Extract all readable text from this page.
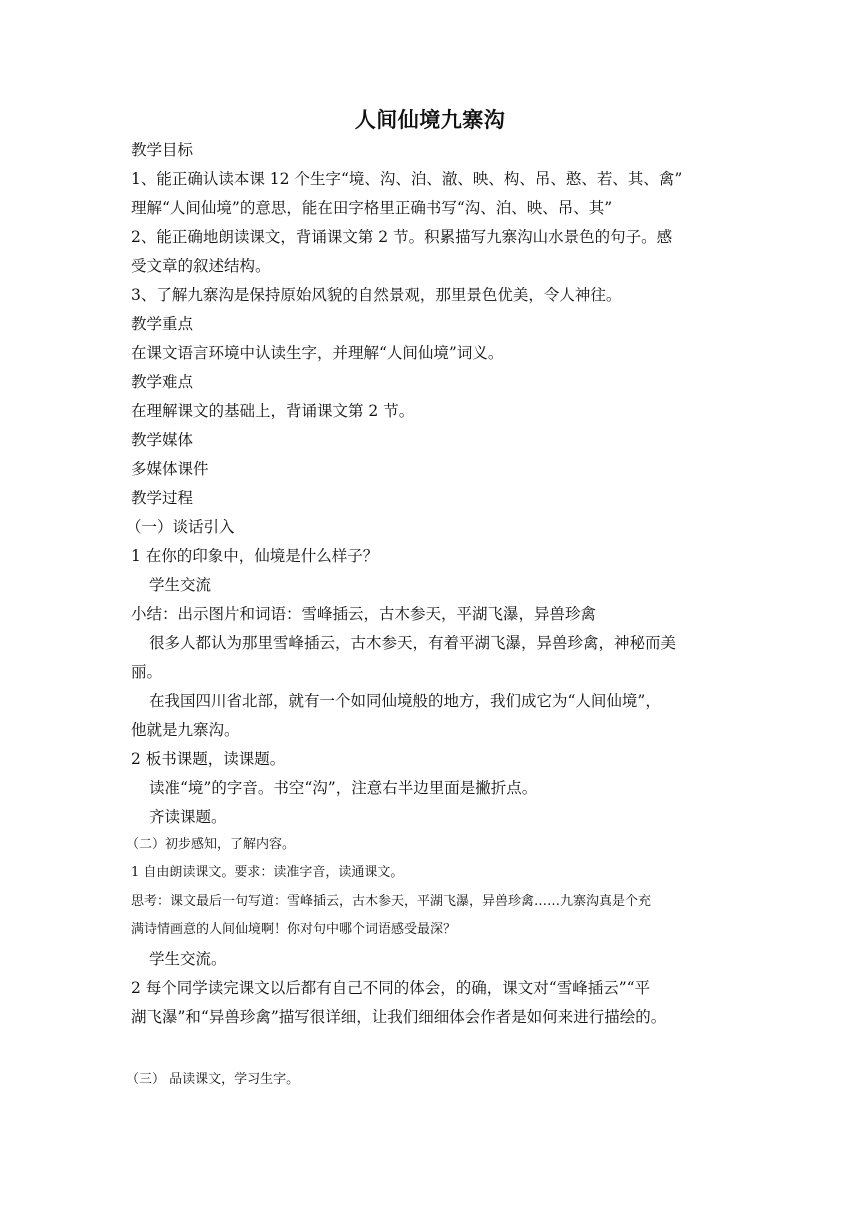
人间仙境九寨沟
教学目标
1、能正确认读本课 12 个生字“境、沟、泊、澈、映、构、吊、憨、若、其、禽”
理解“人间仙境”的意思，能在田字格里正确书写“沟、泊、映、吊、其”
2、能正确地朗读课文，背诵课文第 2 节。积累描写九寨沟山水景色的句子。感
受文章的叙述结构。
3、了解九寨沟是保持原始风貌的自然景观，那里景色优美，令人神往。
教学重点
在课文语言环境中认读生字，并理解“人间仙境”词义。
教学难点
在理解课文的基础上，背诵课文第 2 节。
教学媒体
多媒体课件
教学过程
（一）谈话引入
1 在你的印象中，仙境是什么样子？
学生交流
小结：出示图片和词语：雪峰插云，古木参天，平湖飞瀑，异兽珍禽
很多人都认为那里雪峰插云，古木参天，有着平湖飞瀑，异兽珍禽，神秘而美
丽。
在我国四川省北部，就有一个如同仙境般的地方，我们成它为“人间仙境”，
他就是九寨沟。
2 板书课题，读课题。
读准“境”的字音。书空“沟”，注意右半边里面是撇折点。
齐读课题。
（二）初步感知，了解内容。
1 自由朗读课文。要求：读准字音，读通课文。
思考：课文最后一句写道：雪峰插云，古木参天，平湖飞瀑，异兽珍禽……九寨沟真是个充
满诗情画意的人间仙境啊！你对句中哪个词语感受最深？
学生交流。
2 每个同学读完课文以后都有自己不同的体会，的确，课文对“雪峰插云”“平
湖飞瀑”和“异兽珍禽”描写很详细，让我们细细体会作者是如何来进行描绘的。
（三） 品读课文，学习生字。
